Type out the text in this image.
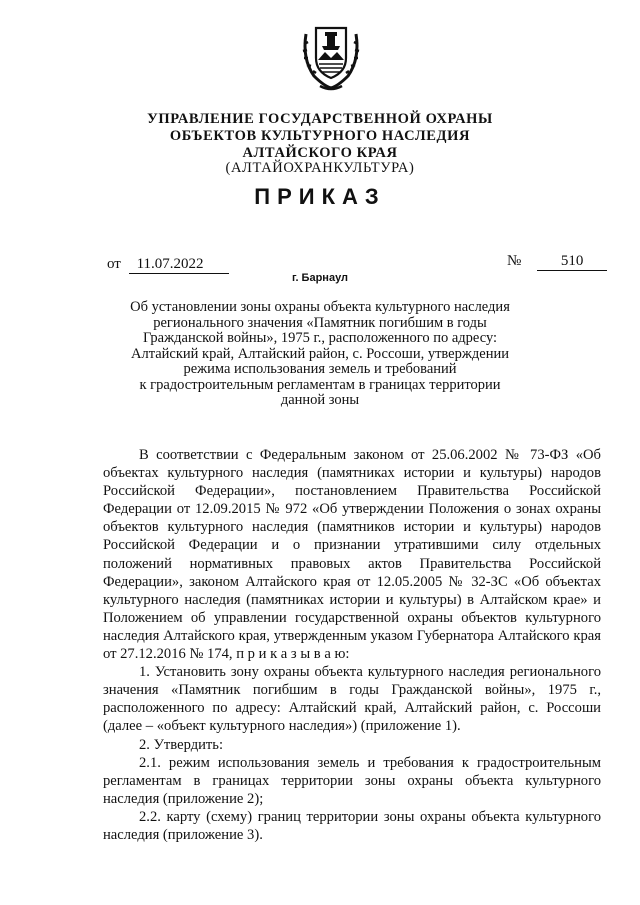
УПРАВЛЕНИЕ ГОСУДАРСТВЕННОЙ ОХРАНЫ
ОБЪЕКТОВ КУЛЬТУРНОГО НАСЛЕДИЯ
АЛТАЙСКОГО КРАЯ
(АЛТАЙОХРАНКУЛЬТУРА)
ПРИКАЗ
от 11.07.2022	№	510
г. Барнаул
Об установлении зоны охраны объекта культурного наследия
регионального значения «Памятник погибшим в годы
Гражданской войны», 1975 г., расположенного по адресу:
Алтайский край, Алтайский район, с. Россоши, утверждении
режима использования земель и требований
к градостроительным регламентам в границах территории
данной зоны

В соответствии с Федеральным законом от 25.06.2002 № 73-ФЗ «Об объектах культурного наследия (памятниках истории и культуры) народов Российской Федерации», постановлением Правительства Российской Федерации от 12.09.2015 № 972 «Об утверждении Положения о зонах охраны объектов культурного наследия (памятников истории и культуры) народов Российской Федерации и о признании утратившими силу отдельных положений нормативных правовых актов Правительства Российской Федерации», законом Алтайского края от 12.05.2005 № 32-ЗС «Об объектах культурного наследия (памятниках истории и культуры) в Алтайском крае» и Положением об управлении государственной охраны объектов культурного наследия Алтайского края, утвержденным указом Губернатора Алтайского края от 27.12.2016 № 174, п р и к а з ы в а ю:

1. Установить зону охраны объекта культурного наследия регионального значения «Памятник погибшим в годы Гражданской войны», 1975 г., расположенного по адресу: Алтайский край, Алтайский район, с. Россоши (далее – «объект культурного наследия») (приложение 1).

2. Утвердить:

2.1. режим использования земель и требования к градостроительным регламентам в границах территории зоны охраны объекта культурного наследия (приложение 2);

2.2. карту (схему) границ территории зоны охраны объекта культурного наследия (приложение 3).
